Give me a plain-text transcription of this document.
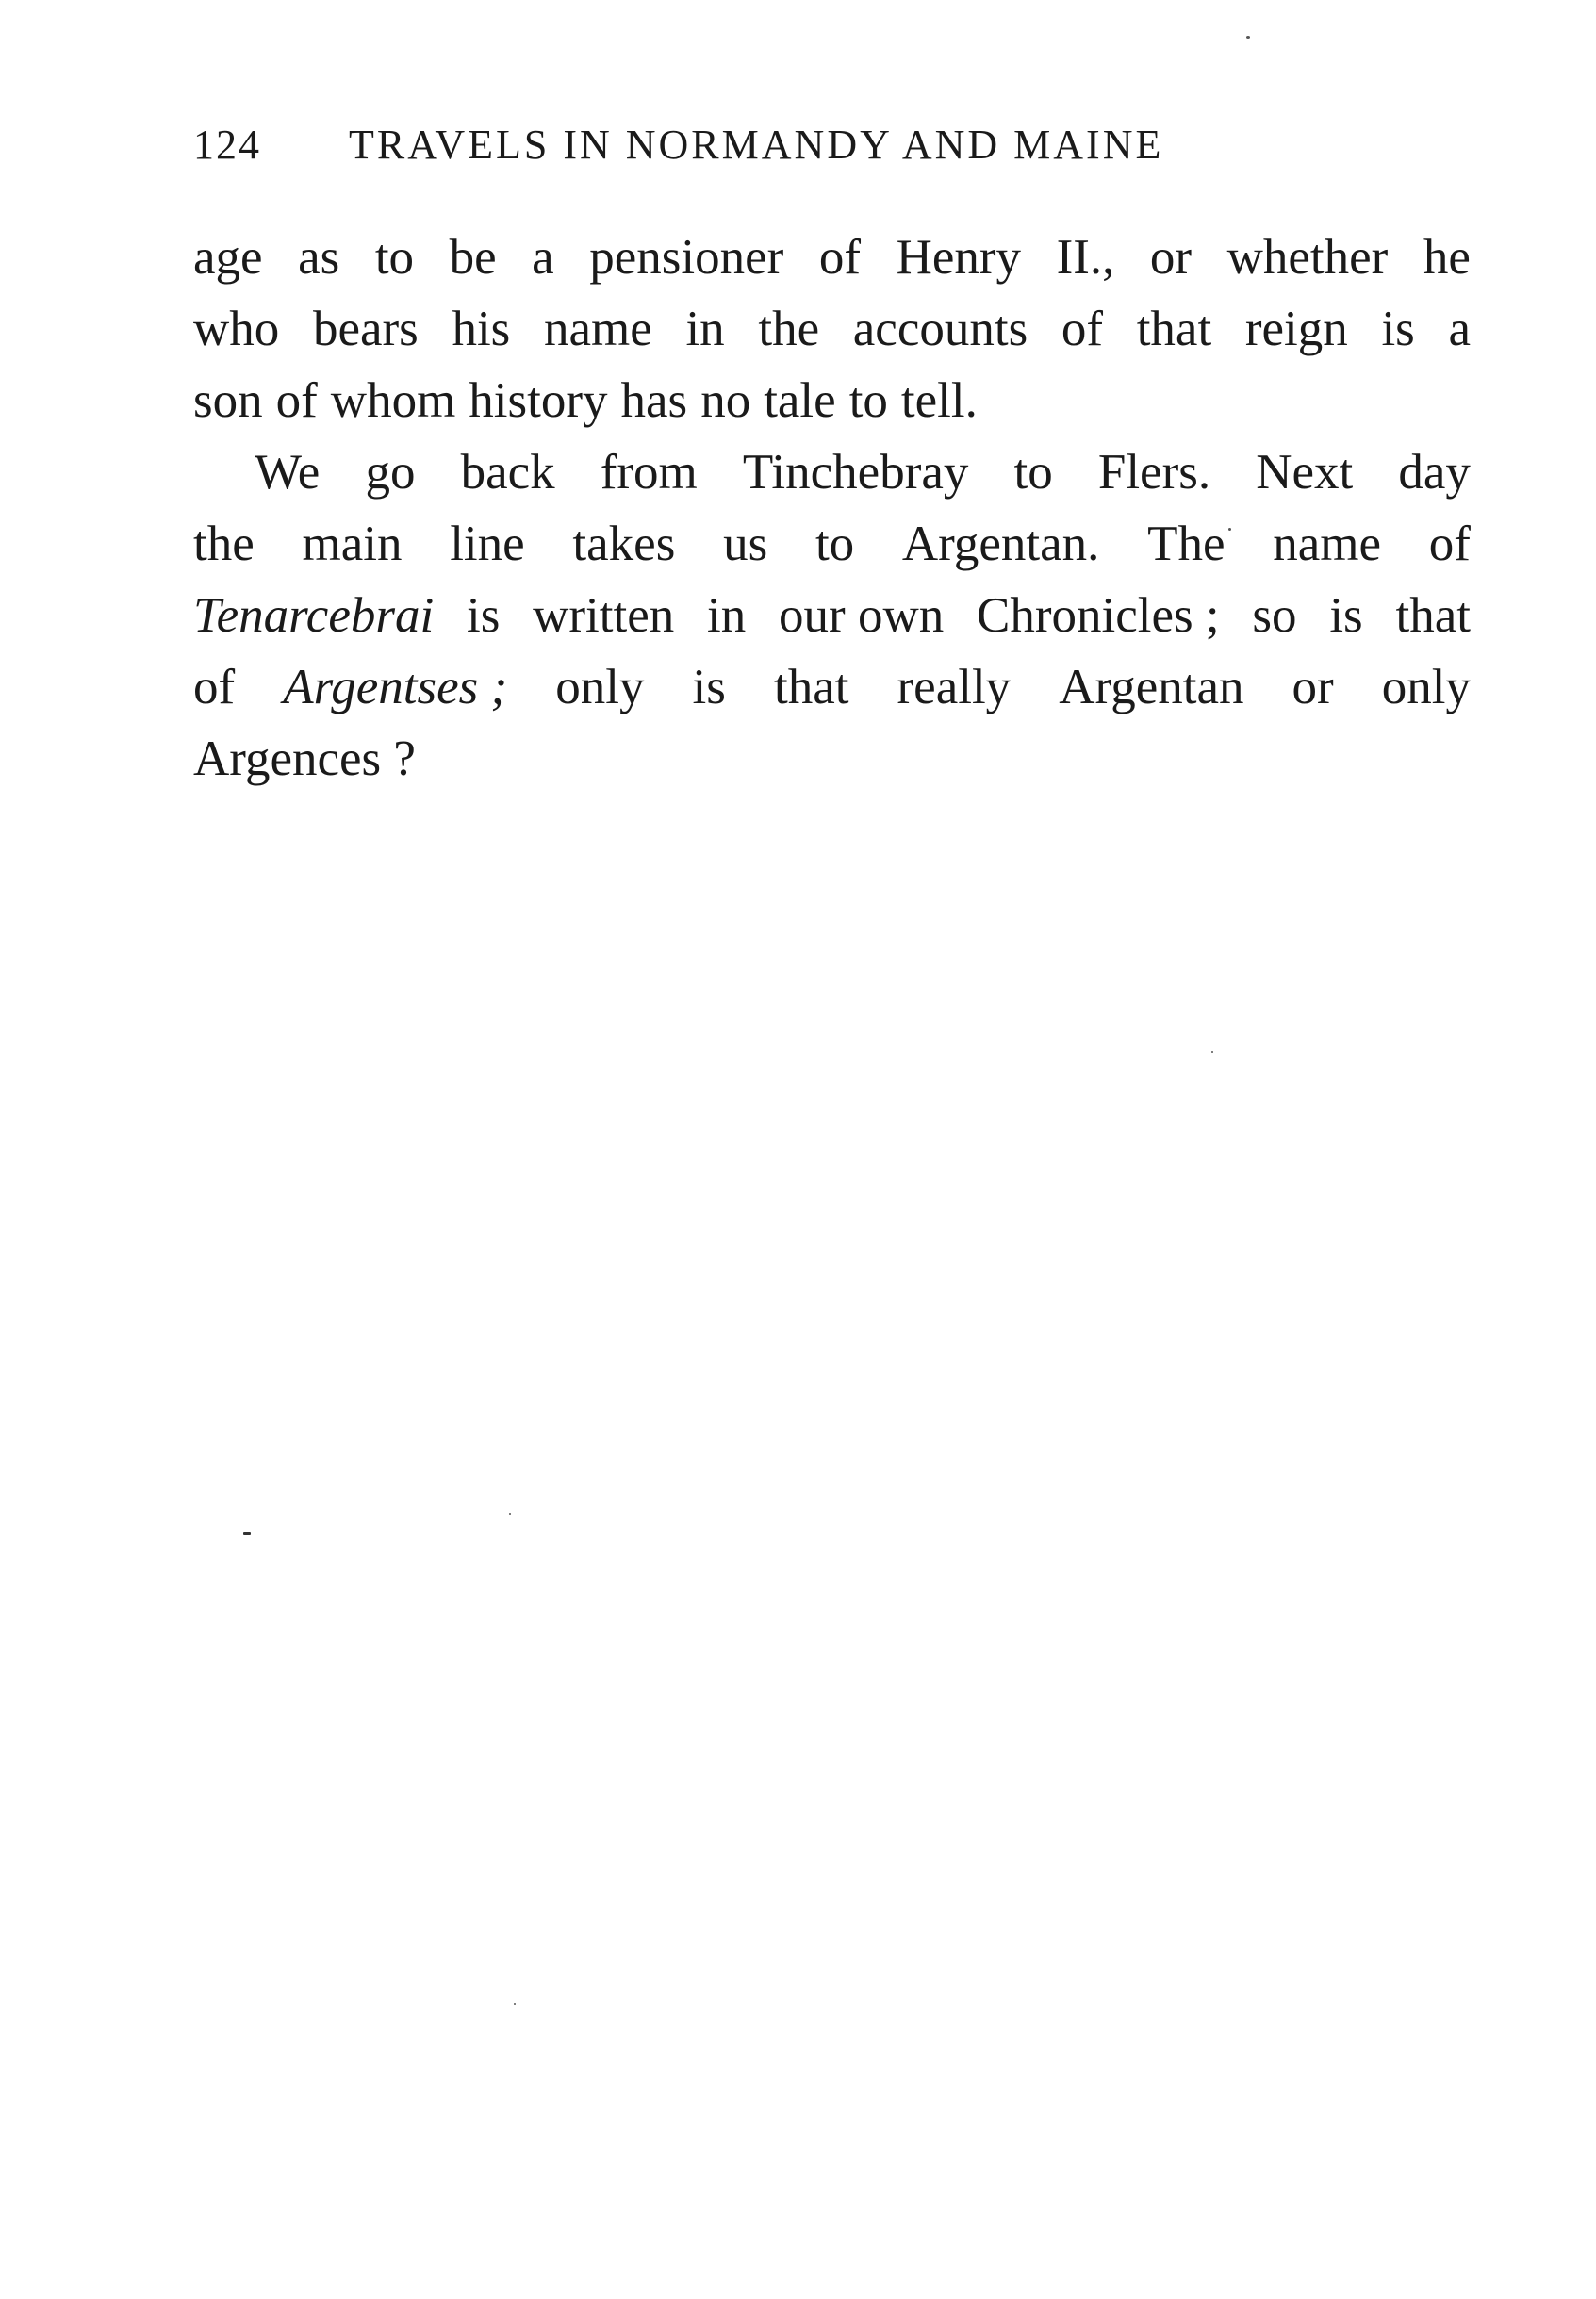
124 TRAVELS IN NORMANDY AND MAINE
age as to be a pensioner of Henry II., or whether he
who bears his name in the accounts of that reign is a
son of whom history has no tale to tell.
We go back from Tinchebray to Flers. Next day
the main line takes us to Argentan. The name of
Tenarcebrai is written in our own Chronicles ; so is that
of Argentses ; only is that really Argentan or only
Argences ?
